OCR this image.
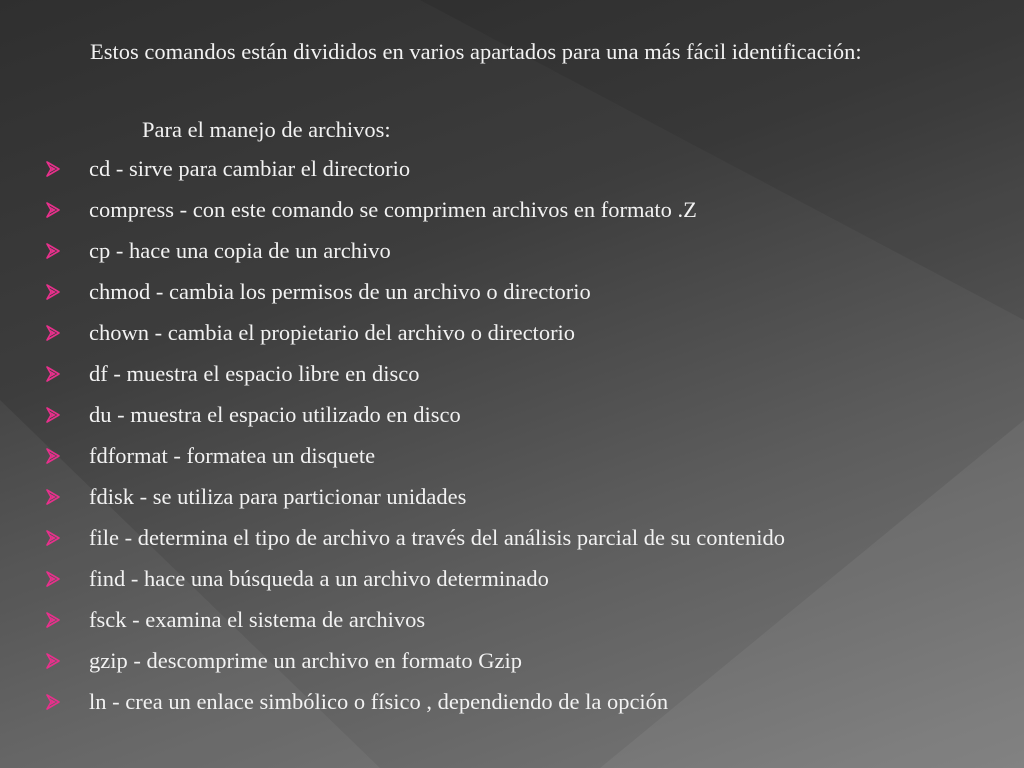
Estos comandos están divididos en varios apartados para una más fácil identificación:
Para el manejo de archivos:
cd - sirve para cambiar el directorio
compress - con este comando se comprimen archivos en formato .Z
cp - hace una copia de un archivo
chmod - cambia los permisos de un archivo o directorio
chown - cambia el propietario del archivo o directorio
df - muestra el espacio libre en disco
du - muestra el espacio utilizado en disco
fdformat - formatea un disquete
fdisk - se utiliza para particionar unidades
file - determina el tipo de archivo a través del análisis parcial de su contenido
find - hace una búsqueda a un archivo determinado
fsck - examina el sistema de archivos
gzip - descomprime un archivo en formato Gzip
ln - crea un enlace simbólico o físico , dependiendo de la opción
